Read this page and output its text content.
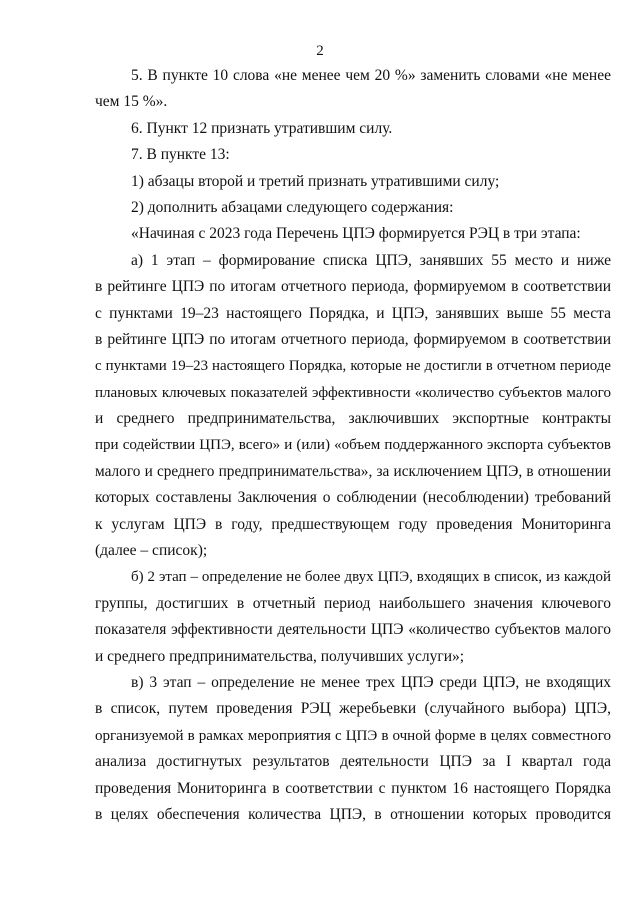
2
5. В пункте 10 слова «не менее чем 20 %» заменить словами «не менее
чем 15 %».
6. Пункт 12 признать утратившим силу.
7. В пункте 13:
1) абзацы второй и третий признать утратившими силу;
2) дополнить абзацами следующего содержания:
«Начиная с 2023 года Перечень ЦПЭ формируется РЭЦ в три этапа:
а) 1 этап – формирование списка ЦПЭ, занявших 55 место и ниже
в рейтинге ЦПЭ по итогам отчетного периода, формируемом в соответствии
с пунктами 19–23 настоящего Порядка, и ЦПЭ, занявших выше 55 места
в рейтинге ЦПЭ по итогам отчетного периода, формируемом в соответствии
с пунктами 19–23 настоящего Порядка, которые не достигли в отчетном периоде
плановых ключевых показателей эффективности «количество субъектов малого
и среднего предпринимательства, заключивших экспортные контракты
при содействии ЦПЭ, всего» и (или) «объем поддержанного экспорта субъектов
малого и среднего предпринимательства», за исключением ЦПЭ, в отношении
которых составлены Заключения о соблюдении (несоблюдении) требований
к услугам ЦПЭ в году, предшествующем году проведения Мониторинга
(далее – список);
б) 2 этап – определение не более двух ЦПЭ, входящих в список, из каждой
группы, достигших в отчетный период наибольшего значения ключевого
показателя эффективности деятельности ЦПЭ «количество субъектов малого
и среднего предпринимательства, получивших услуги»;
в) 3 этап – определение не менее трех ЦПЭ среди ЦПЭ, не входящих
в список, путем проведения РЭЦ жеребьевки (случайного выбора) ЦПЭ,
организуемой в рамках мероприятия с ЦПЭ в очной форме в целях совместного
анализа достигнутых результатов деятельности ЦПЭ за I квартал года
проведения Мониторинга в соответствии с пунктом 16 настоящего Порядка
в целях обеспечения количества ЦПЭ, в отношении которых проводится
